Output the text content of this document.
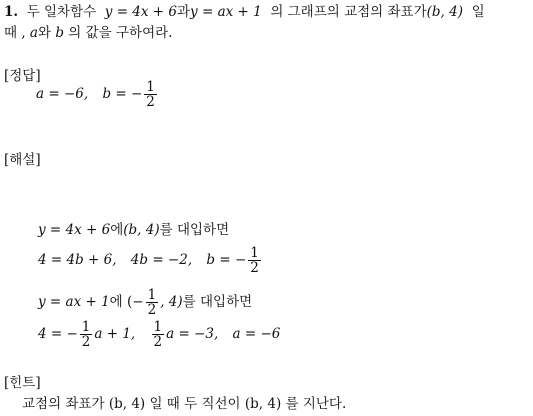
1. 두 일차함수 y = 4x + 6과y = ax + 1 의 그래프의 교점의 좌표가(b, 4) 일
때 , a와 b 의 값을 구하여라.
[정답]
a = −6, b = − $\frac{1}{2}$
[해설]
y = 4x + 6에(b, 4)를 대입하면
4 = 4b + 6, 4b = −2, b = − $\frac{1}{2}$
y = ax + 1에 (− $\frac{1}{2}$ , 4)를 대입하면
4 = − $\frac{1}{2}$ a + 1, $\frac{1}{2}$ a = −3, a = −6
[힌트]
교점의 좌표가 (b, 4) 일 때 두 직선이 (b, 4) 를 지난다.
